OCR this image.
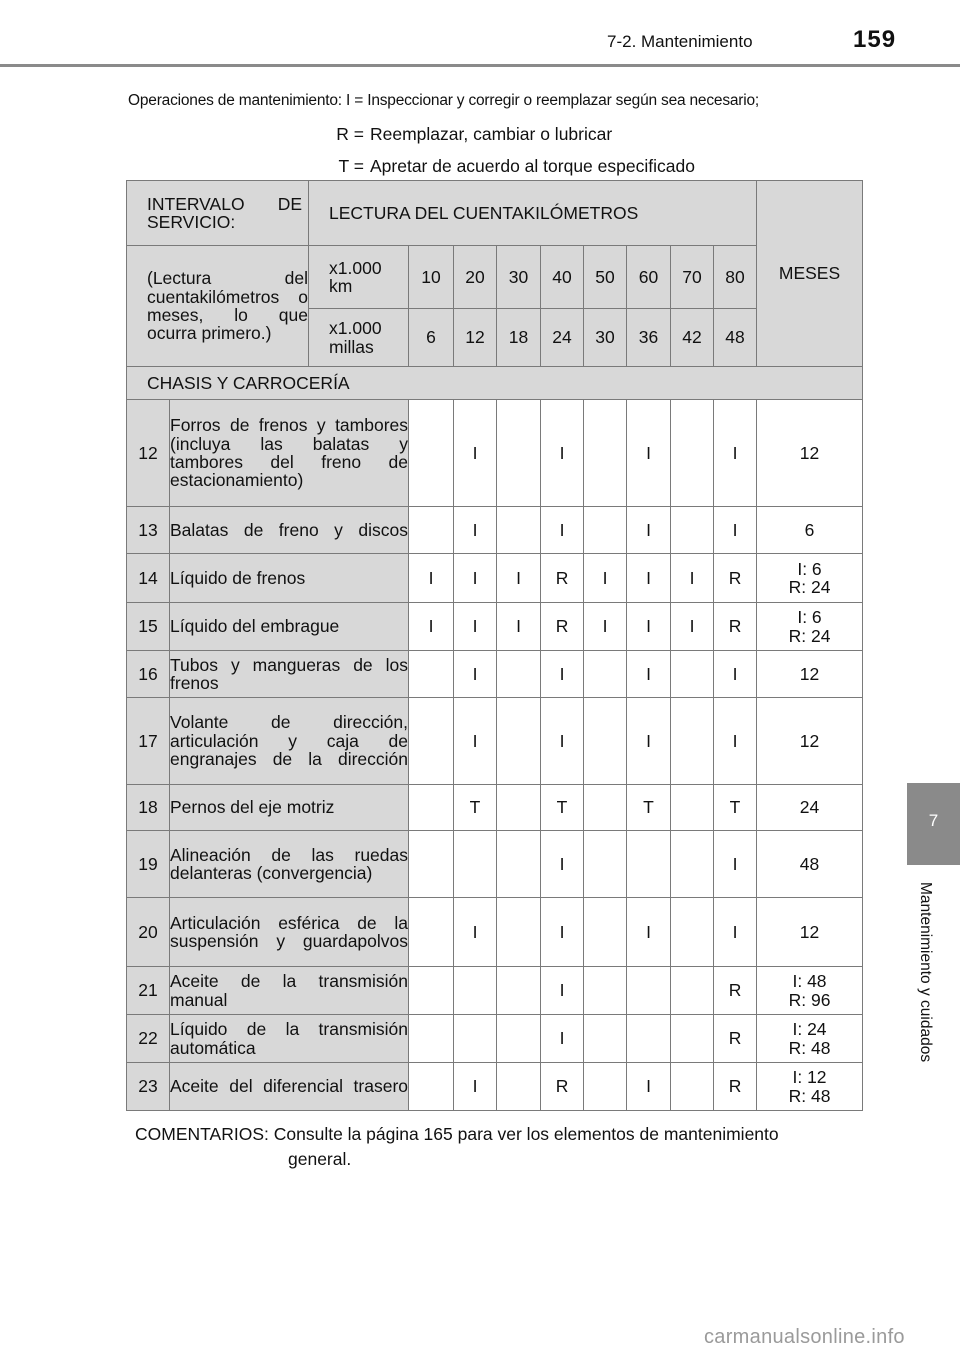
7-2. Mantenimiento	159
Operaciones de mantenimiento: I = Inspeccionar y corregir o reemplazar según sea necesario;
R = Reemplazar, cambiar o lubricar
T = Apretar de acuerdo al torque especificado
INTERVALO DE SERVICIO:		LECTURA DEL CUENTAKILÓMETROS									MESES
(Lectura del cuentakilómetros o meses, lo que ocurra primero.)		x1.000 km	10	20	30	40	50	60	70	80	
		x1.000 millas	6	12	18	24	30	36	42	48	
CHASIS Y CARROCERÍA											
12	Forros de frenos y tambores (incluya las balatas y tambores del freno de estacionamiento)			I		I		I		I	12
13	Balatas de freno y discos			I		I		I		I	6
14	Líquido de frenos		I	I	I	R	I	I	I	R	I: 6
R: 24
15	Líquido del embrague		I	I	I	R	I	I	I	R	I: 6
R: 24
16	Tubos y mangueras de los frenos			I		I		I		I	12
17	Volante de dirección, articulación y caja de engranajes de la dirección			I		I		I		I	12
18	Pernos del eje motriz			T		T		T		T	24
19	Alineación de las ruedas delanteras (convergencia)					I				I	48
20	Articulación esférica de la suspensión y guardapolvos			I		I		I		I	12
21	Aceite de la transmisión manual					I				R	I: 48
R: 96
22	Líquido de la transmisión automática					I				R	I: 24
R: 48
23	Aceite del diferencial trasero			I		R		I		R	I: 12
R: 48
COMENTARIOS: Consulte la página 165 para ver los elementos de mantenimiento
general.
7
Mantenimiento y cuidados
carmanualsonline.info
